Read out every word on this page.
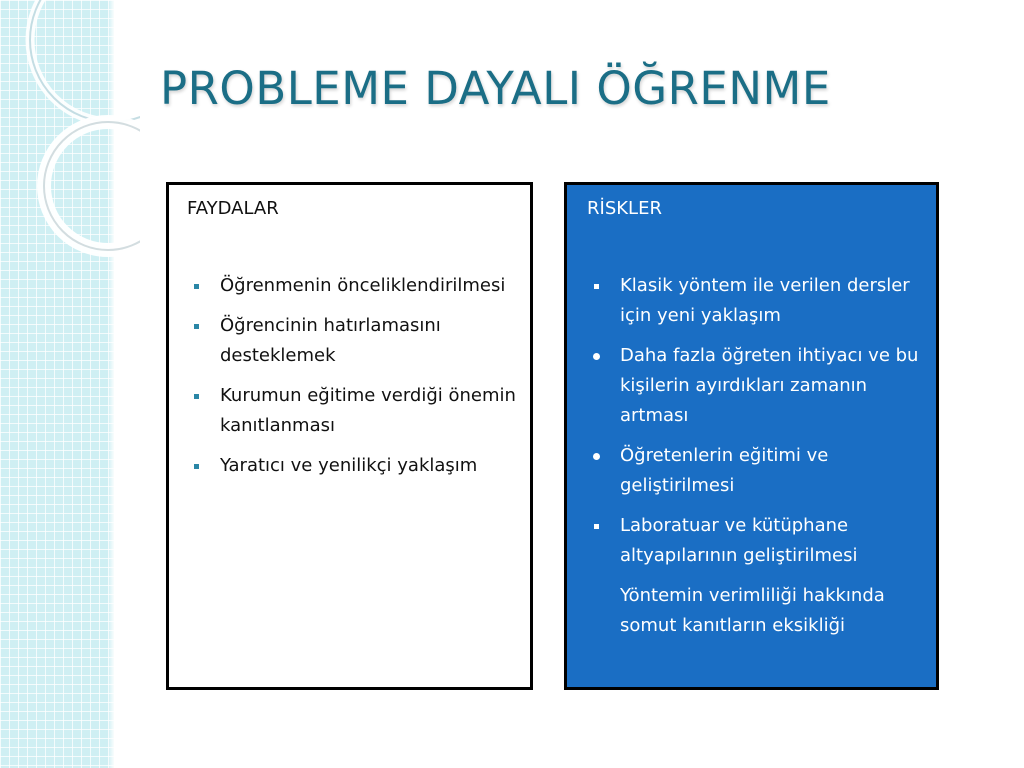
PROBLEME DAYALI ÖĞRENME
FAYDALAR
Öğrenmenin önceliklendirilmesi
Öğrencinin hatırlamasını desteklemek
Kurumun eğitime verdiği önemin kanıtlanması
Yaratıcı ve yenilikçi yaklaşım
RİSKLER
Klasik yöntem ile verilen dersler için yeni yaklaşım
Daha fazla öğreten ihtiyacı ve bu kişilerin ayırdıkları zamanın artması
Öğretenlerin eğitimi ve geliştirilmesi
Laboratuar ve kütüphane altyapılarının geliştirilmesi
Yöntemin verimliliği hakkında somut kanıtların eksikliği
